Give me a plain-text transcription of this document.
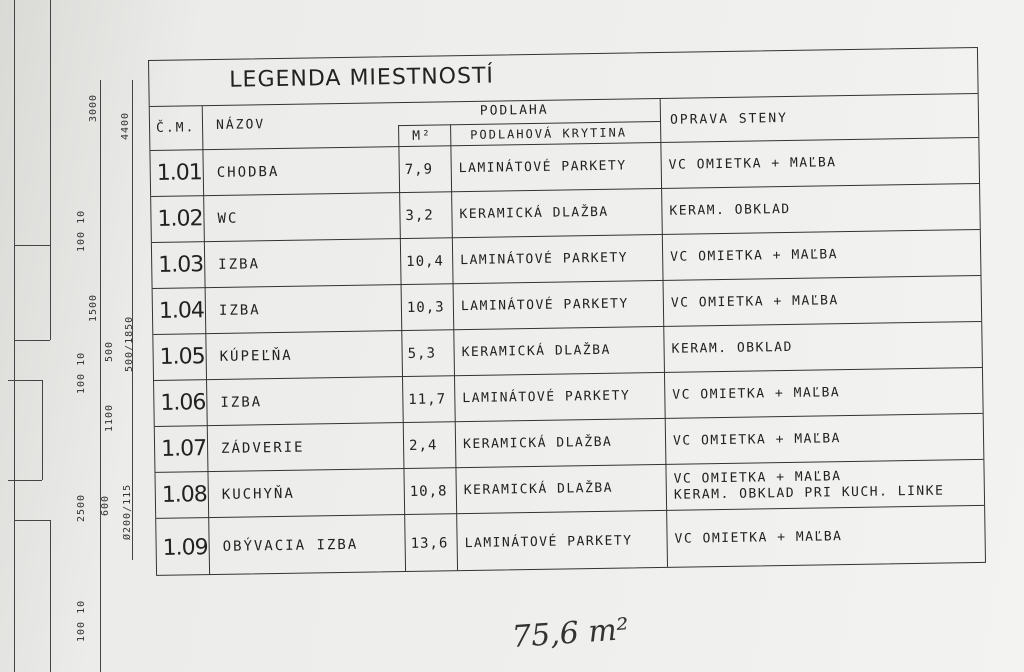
3000
4400
100 10
1500
500 500/1850
100 10
1100
2500 600 Ø200/115
100 10
LEGENDA MIESTNOSTÍ
Č.M. NÁZOV
PODLAHA
M²	PODLAHOVÁ KRYTINA
OPRAVA STENY
1.01 CHODBA	7,9 LAMINÁTOVÉ PARKETY	VC OMIETKA + MAĽBA
1.02 WC	3,2 KERAMICKÁ DLAŽBA	KERAM. OBKLAD
1.03 IZBA	10,4 LAMINÁTOVÉ PARKETY	VC OMIETKA + MAĽBA
1.04 IZBA	10,3 LAMINÁTOVÉ PARKETY	VC OMIETKA + MAĽBA
1.05 KÚPEĽŇA	5,3 KERAMICKÁ DLAŽBA	KERAM. OBKLAD
1.06 IZBA	11,7 LAMINÁTOVÉ PARKETY	VC OMIETKA + MAĽBA
1.07 ZÁDVERIE	2,4 KERAMICKÁ DLAŽBA	VC OMIETKA + MAĽBA
1.08 KUCHYŇA	10,8 KERAMICKÁ DLAŽBA
VC OMIETKA + MAĽBA
KERAM. OBKLAD PRI KUCH. LINKE
1.09 OBÝVACIA IZBA	13,6 LAMINÁTOVÉ PARKETY	VC OMIETKA + MAĽBA
75,6 m²
